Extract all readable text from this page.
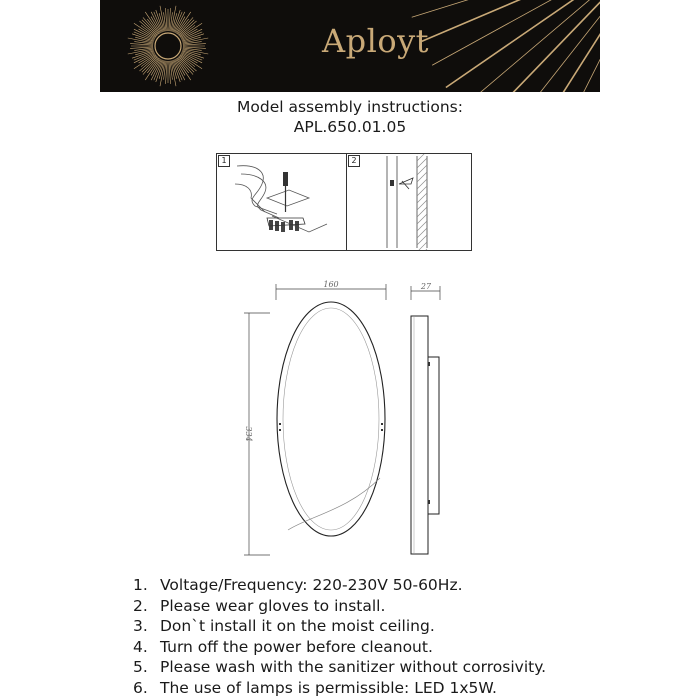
Aployt
Model assembly instructions:
APL.650.01.05
1	2
160
334
27
1. Voltage/Frequency: 220-230V 50-60Hz.
2. Please wear gloves to install.
3. Don`t install it on the moist ceiling.
4. Turn off the power before cleanout.
5. Please wash with the sanitizer without corrosivity.
6. The use of lamps is permissible: LED 1x5W.
